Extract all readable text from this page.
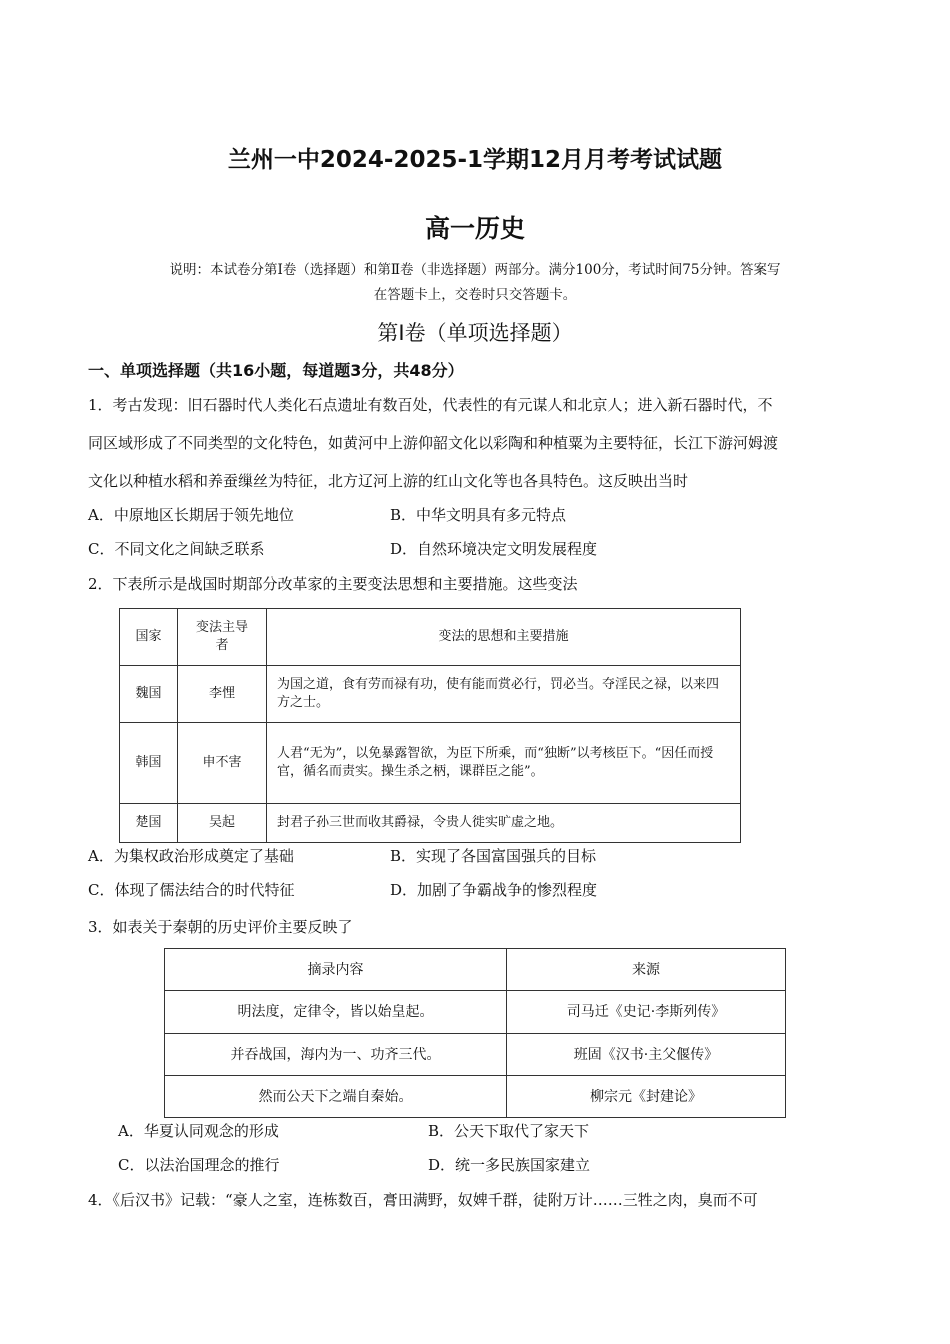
兰州一中2024-2025-1学期12月月考考试试题
高一历史
说明：本试卷分第Ⅰ卷（选择题）和第Ⅱ卷（非选择题）两部分。满分100分，考试时间75分钟。答案写
在答题卡上，交卷时只交答题卡。
第Ⅰ卷（单项选择题）
一、单项选择题（共16小题，每道题3分，共48分）
1．考古发现：旧石器时代人类化石点遗址有数百处，代表性的有元谋人和北京人；进入新石器时代，不
同区域形成了不同类型的文化特色，如黄河中上游仰韶文化以彩陶和种植粟为主要特征，长江下游河姆渡
文化以种植水稻和养蚕缫丝为特征，北方辽河上游的红山文化等也各具特色。这反映出当时
A．中原地区长期居于领先地位	B．中华文明具有多元特点
C．不同文化之间缺乏联系	D．自然环境决定文明发展程度
2．下表所示是战国时期部分改革家的主要变法思想和主要措施。这些变法
国家	变法主导者	变法的思想和主要措施
魏国	李悝	为国之道，食有劳而禄有功，使有能而赏必行，罚必当。夺淫民之禄，以来四方之士。
韩国	申不害	人君“无为”，以免暴露智欲，为臣下所乘，而“独断”以考核臣下。“因任而授官，循名而责实。操生杀之柄，课群臣之能”。
楚国	吴起	封君子孙三世而收其爵禄，令贵人徙实旷虚之地。
A．为集权政治形成奠定了基础	B．实现了各国富国强兵的目标
C．体现了儒法结合的时代特征	D．加剧了争霸战争的惨烈程度
3．如表关于秦朝的历史评价主要反映了
摘录内容	来源
明法度，定律令，皆以始皇起。	司马迁《史记·李斯列传》
并吞战国，海内为一、功齐三代。	班固《汉书·主父偃传》
然而公天下之端自秦始。	柳宗元《封建论》
A．华夏认同观念的形成	B．公天下取代了家天下
C．以法治国理念的推行	D．统一多民族国家建立
4．《后汉书》记载：“豪人之室，连栋数百，膏田满野，奴婢千群，徒附万计……三牲之肉，臭而不可
